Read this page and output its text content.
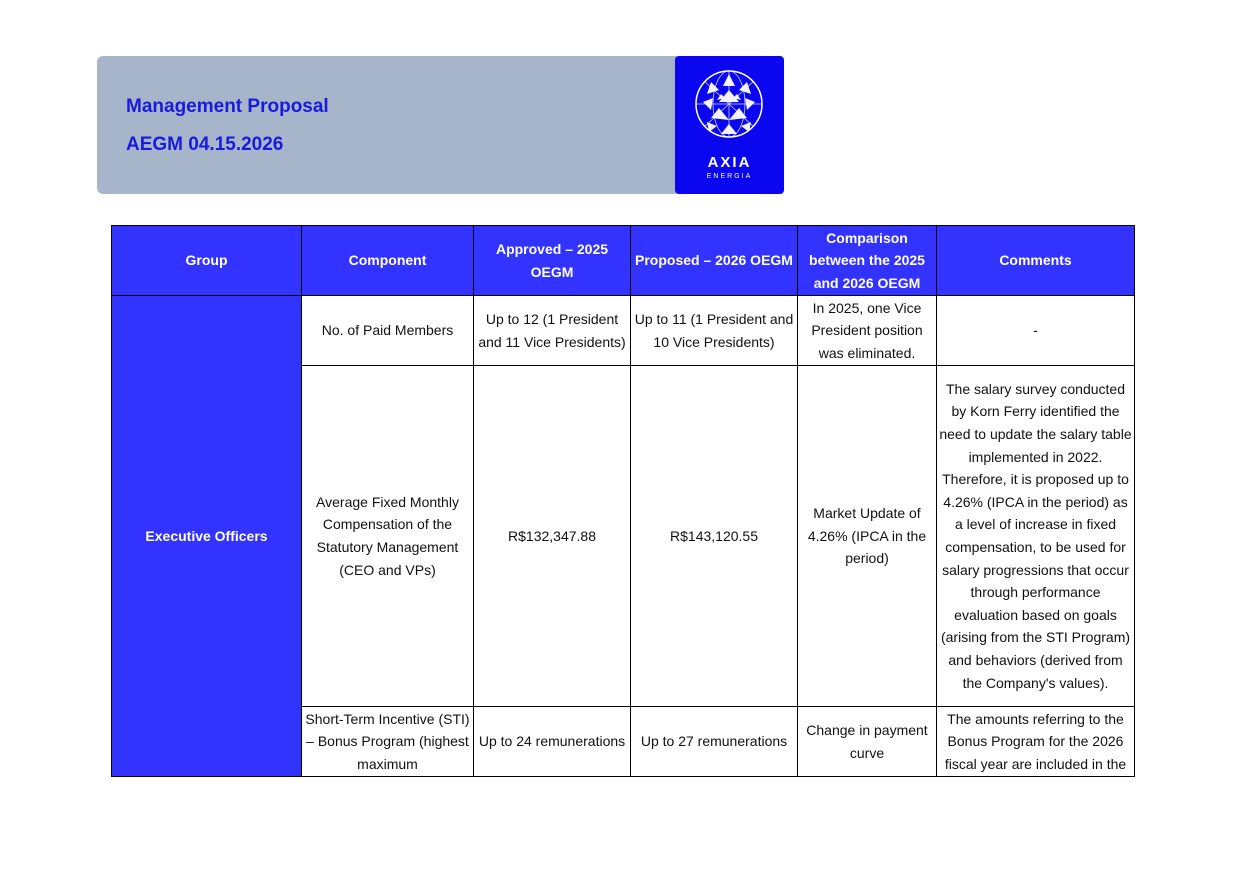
Management Proposal
AEGM 04.15.2026
AXIA
ENERGIA
Group	Component	Approved – 2025 OEGM	Proposed – 2026 OEGM	Comparison between the 2025 and 2026 OEGM	Comments
Executive Officers	No. of Paid Members	Up to 12 (1 President and 11 Vice Presidents)	Up to 11 (1 President and 10 Vice Presidents)	In 2025, one Vice President position was eliminated.	-
	Average Fixed Monthly Compensation of the Statutory Management (CEO and VPs)	R$132,347.88	R$143,120.55	Market Update of 4.26% (IPCA in the period)	The salary survey conducted by Korn Ferry identified the need to update the salary table implemented in 2022. Therefore, it is proposed up to 4.26% (IPCA in the period) as a level of increase in fixed compensation, to be used for salary progressions that occur through performance evaluation based on goals (arising from the STI Program) and behaviors (derived from the Company's values).

	Short-Term Incentive (STI) – Bonus Program (highest maximum	Up to 24 remunerations	Up to 27 remunerations	Change in payment curve	The amounts referring to the Bonus Program for the 2026 fiscal year are included in the
